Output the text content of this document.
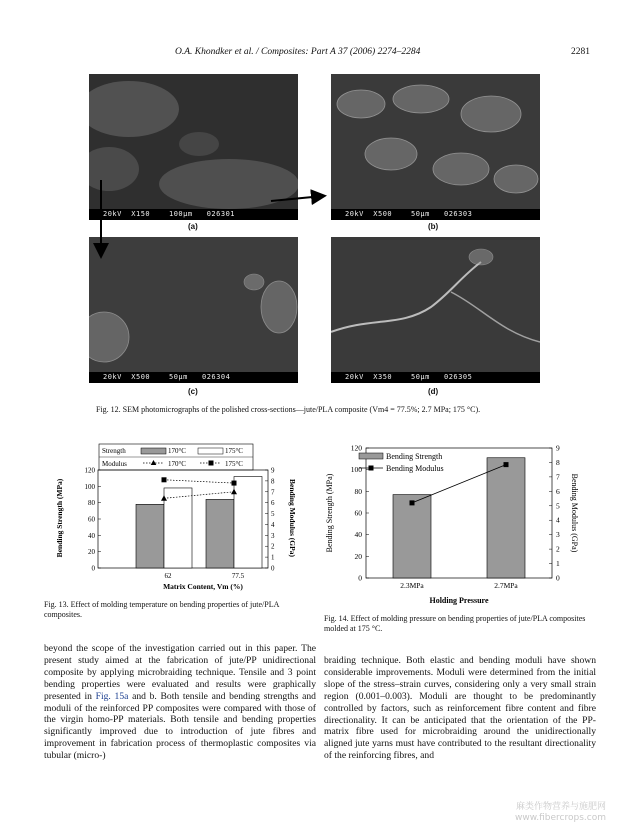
O.A. Khondker et al. / Composites: Part A 37 (2006) 2274–2284	2281
20kV  X150    100μm   026301	20kV  X500    50μm   026303
20kV  X500    50μm   026304	20kV  X350    50μm   026305
(a)	(b)
(c)	(d)
Fig. 12. SEM photomicrographs of the polished cross-sections—jute/PLA composite (Vm4 = 77.5%; 2.7 MPa; 175 °C).
Strength	170°C	175°C
Modulus	170°C	175°C
0
20
40
60
80
100
120
0
1
2
3
4
5
6
7
8
9
62	77.5
Matrix Content, Vm (%)
Bending Strength (MPa)	Bending Modulus (GPa)
Fig. 13. Effect of molding temperature on bending properties of jute/PLA composites.
0
20
40
60
80
100
120
0
1
2
3
4
5
6
7
8
9
Bending Strength
Bending Modulus
2.3MPa	2.7MPa
Holding Pressure
Bending Strength (MPa)	Bending Modulus (GPa)
Fig. 14. Effect of molding pressure on bending properties of jute/PLA composites molded at 175 °C.

beyond the scope of the investigation carried out in this paper. The present study aimed at the fabrication of jute/PP unidirectional composite by applying microbraiding technique. Tensile and 3 point bending properties were evaluated and results were graphically presented in Fig. 15a and b. Both tensile and bending strengths and moduli of the reinforced PP composites were compared with those of the virgin homo-PP materials. Both tensile and bending properties significantly improved due to introduction of jute fibres and improvement in fabrication process of thermoplastic composites via tubular (micro-)

braiding technique. Both elastic and bending moduli have shown considerable improvements. Moduli were determined from the initial slope of the stress–strain curves, considering only a very small strain region (0.001–0.003). Moduli are thought to be predominantly controlled by factors, such as reinforcement fibre content and fibre directionality. It can be anticipated that the orientation of the PP-matrix fibre used for microbraiding around the unidirectionally aligned jute yarns must have contributed to the resultant directionality of the reinforcing fibres, and

麻类作物营养与施肥网
www.fibercrops.com
